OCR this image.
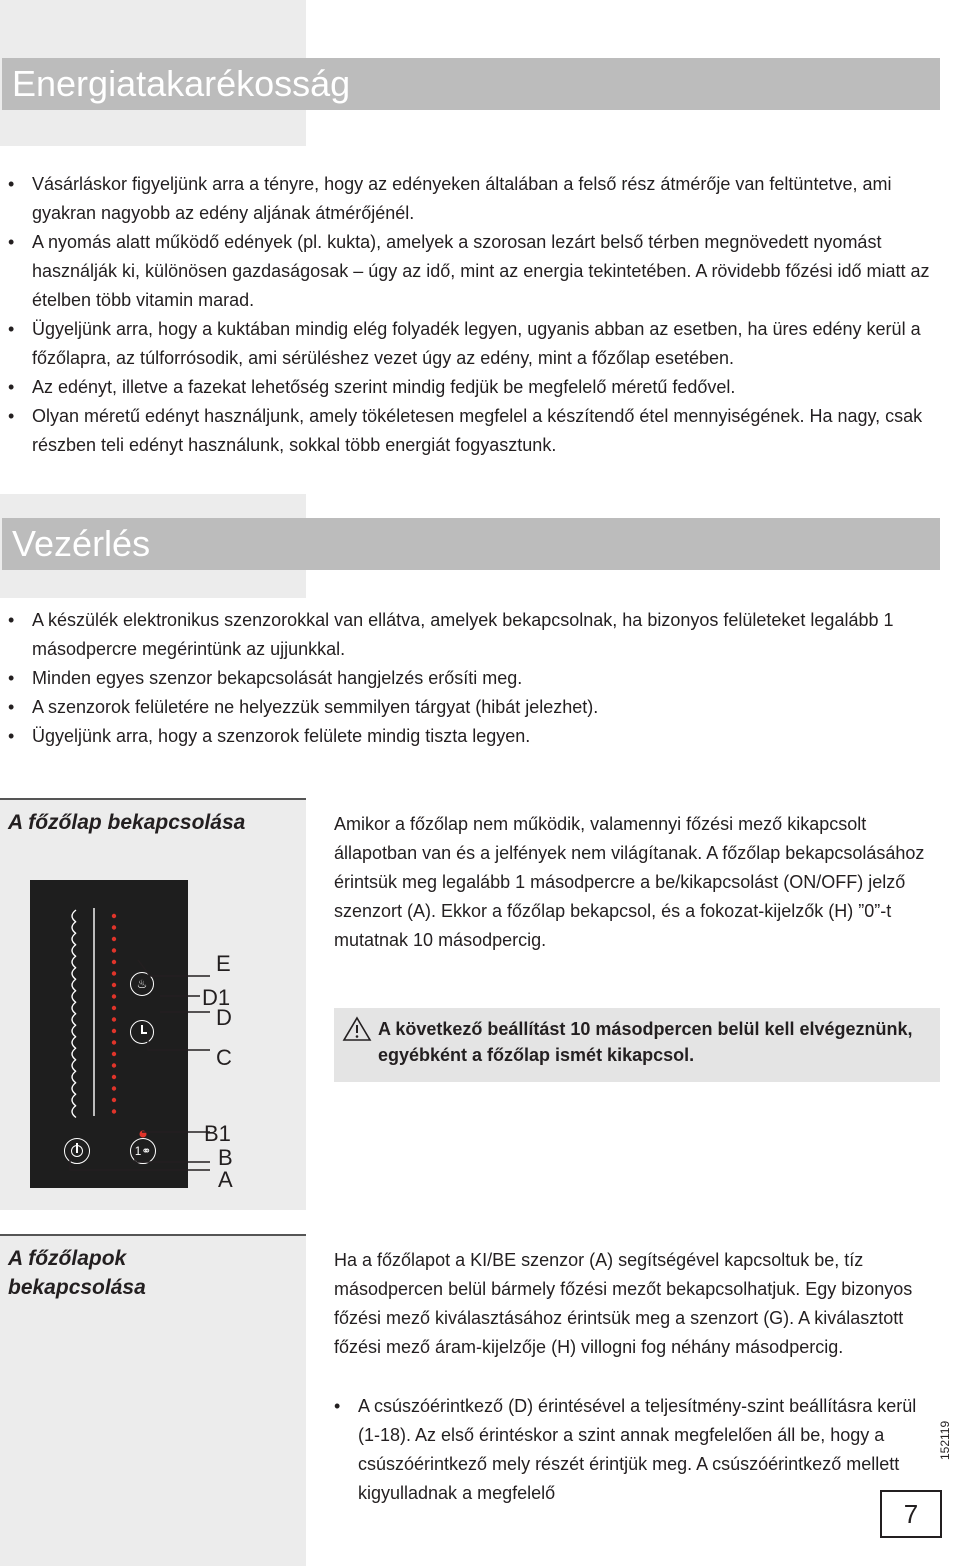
Energiatakarékosság
• Vásárláskor figyeljünk arra a tényre, hogy az edényeken általában a felső rész átmérője van feltüntetve, ami gyakran nagyobb az edény aljának átmérőjénél.
• A nyomás alatt működő edények (pl. kukta), amelyek a szorosan lezárt belső térben megnövedett nyomást használják ki, különösen gazdaságosak – úgy az idő, mint az energia tekintetében. A rövidebb főzési idő miatt az ételben több vitamin marad.
• Ügyeljünk arra, hogy a kuktában mindig elég folyadék legyen, ugyanis abban az esetben, ha üres edény kerül a főzőlapra, az túlforrósodik, ami sérüléshez vezet úgy az edény, mint a főzőlap esetében.
• Az edényt, illetve a fazekat lehetőség szerint mindig fedjük be megfelelő méretű fedővel.
• Olyan méretű edényt használjunk, amely tökéletesen megfelel a készítendő étel mennyiségének. Ha nagy, csak részben teli edényt használunk, sokkal több energiát fogyasztunk.
Vezérlés
• A készülék elektronikus szenzorokkal van ellátva, amelyek bekapcsolnak, ha bizonyos felületeket legalább 1 másodpercre megérintünk az ujjunkkal.
• Minden egyes szenzor bekapcsolását hangjelzés erősíti meg.
• A szenzorok felületére ne helyezzük semmilyen tárgyat (hibát jelezhet).
• Ügyeljünk arra, hogy a szenzorok felülete mindig tiszta legyen.
A főzőlap bekapcsolása	Amikor a főzőlap nem működik, valamennyi főzési mező kikapcsolt állapotban van és a jelfények nem világítanak. A főzőlap bekapcsolásához érintsük meg legalább 1 másodpercre a be/kikapcsolást (ON/OFF) jelző szenzort (A). Ekkor a főzőlap bekapcsol, és a fokozat-kijelzők (H) ”0”-t mutatnak 10 másodpercig.

A következő beállítást 10 másodpercen belül kell elvégeznünk, egyébként a főzőlap ismét kikapcsol.

♨
1⚭
E
D1
D
C
B1
B
A
A főzőlapok bekapcsolása

Ha a főzőlapot a KI/BE szenzor (A) segítségével kapcsoltuk be, tíz másodpercen belül bármely főzési mezőt bekapcsolhatjuk. Egy bizonyos főzési mező kiválasztásához érintsük meg a szenzort (G). A kiválasztott főzési mező áram-kijelzője (H) villogni fog néhány másodpercig.

• A csúszóérintkező (D) érintésével a teljesítmény-szint beállításra kerül (1-18). Az első érintéskor a szint annak megfelelően áll be, hogy a csúszóérintkező mely részét érintjük meg. A csúszóérintkező mellett kigyulladnak a megfelelő
152119
7
